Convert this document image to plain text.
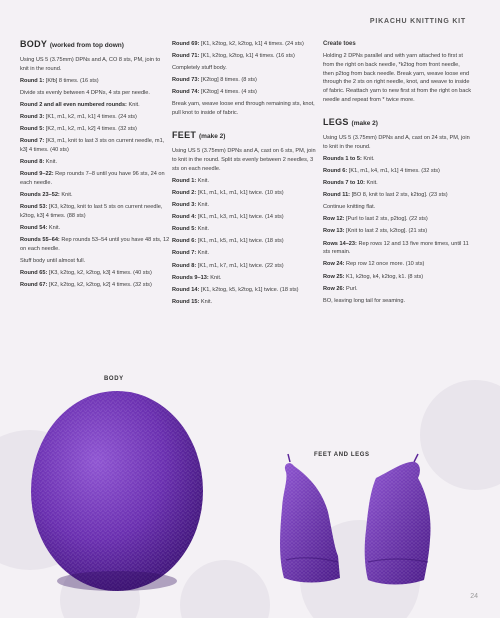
PIKACHU KNITTING KIT
BODY (worked from top down)
Using US 5 (3.75mm) DPNs and A, CO 8 sts, PM, join to knit in the round.
Round 1: [Kfb] 8 times. (16 sts)
Divide sts evenly between 4 DPNs, 4 sts per needle.
Round 2 and all even numbered rounds: Knit.
Round 3: [K1, m1, k2, m1, k1] 4 times. (24 sts)
Round 5: [K2, m1, k2, m1, k2] 4 times. (32 sts)
Round 7: [K3, m1, knit to last 3 sts on current needle, m1, k3] 4 times. (40 sts)
Round 8: Knit.
Round 9–22: Rep rounds 7–8 until you have 96 sts, 24 on each needle.
Rounds 23–52: Knit.
Round 53: [K3, k2tog, knit to last 5 sts on current needle, k2tog, k3] 4 times. (88 sts)
Round 54: Knit.
Rounds 55–64: Rep rounds 53–54 until you have 48 sts, 12 on each needle.
Stuff body until almost full.
Round 65: [K3, k2tog, k2, k2tog, k3] 4 times. (40 sts)
Round 67: [K2, k2tog, k2, k2tog, k2] 4 times. (32 sts)
Round 69: [K1, k2tog, k2, k2tog, k1] 4 times. (24 sts)
Round 71: [K1, k2tog, k2tog, k1] 4 times. (16 sts)
Completely stuff body.
Round 73: [K2tog] 8 times. (8 sts)
Round 74: [K2tog] 4 times. (4 sts)
Break yarn, weave loose end through remaining sts, knot, pull knot to inside of fabric.
FEET (make 2)
Using US 5 (3.75mm) DPNs and A, cast on 6 sts, PM, join to knit in the round. Split sts evenly between 2 needles, 3 sts on each needle.
Round 1: Knit.
Round 2: [K1, m1, k1, m1, k1] twice. (10 sts)
Round 3: Knit.
Round 4: [K1, m1, k3, m1, k1] twice. (14 sts)
Round 5: Knit.
Round 6: [K1, m1, k5, m1, k1] twice. (18 sts)
Round 7: Knit.
Round 8: [K1, m1, k7, m1, k1] twice. (22 sts)
Rounds 9–13: Knit.
Round 14: [K1, k2tog, k5, k2tog, k1] twice. (18 sts)
Round 15: Knit.
Create toes
Holding 2 DPNs parallel and with yarn attached to first st from the right on back needle, *k2tog from front needle, then p2tog from back needle. Break yarn, weave loose end through the 2 sts on right needle, knot, and weave to inside of fabric. Reattach yarn to new first st from the right on back needle and repeat from * twice more.
LEGS (make 2)
Using US 5 (3.75mm) DPNs and A, cast on 24 sts, PM, join to knit in the round.
Rounds 1 to 5: Knit.
Round 6: [K1, m1, k4, m1, k1] 4 times. (32 sts)
Rounds 7 to 10: Knit.
Round 11: [BO 8, knit to last 2 sts, k2tog]. (23 sts)
Continue knitting flat.
Row 12: [Purl to last 2 sts, p2tog]. (22 sts)
Row 13: [Knit to last 2 sts, k2tog]. (21 sts)
Rows 14–23: Rep rows 12 and 13 five more times, until 11 sts remain.
Row 24: Rep row 12 once more. (10 sts)
Row 25: K1, k2tog, k4, k2tog, k1. (8 sts)
Row 26: Purl.
BO, leaving long tail for seaming.
BODY
FEET AND LEGS
24
